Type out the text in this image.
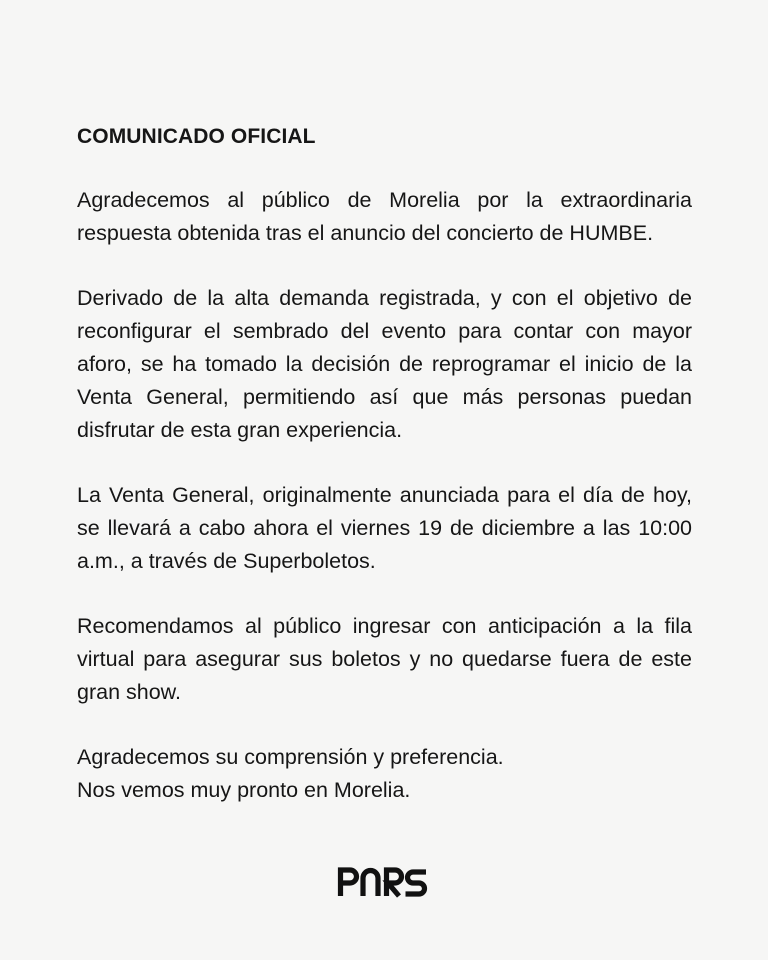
COMUNICADO OFICIAL

Agradecemos al público de Morelia por la extraordinaria respuesta obtenida tras el anuncio del concierto de HUMBE.

Derivado de la alta demanda registrada, y con el objetivo de reconfigurar el sembrado del evento para contar con mayor aforo, se ha tomado la decisión de reprogramar el inicio de la Venta General, permitiendo así que más personas puedan disfrutar de esta gran experiencia.

La Venta General, originalmente anunciada para el día de hoy, se llevará a cabo ahora el viernes 19 de diciembre a las 10:00 a.m., a través de Superboletos.

Recomendamos al público ingresar con anticipación a la fila virtual para asegurar sus boletos y no quedarse fuera de este gran show.

Agradecemos su comprensión y preferencia.
Nos vemos muy pronto en Morelia.
